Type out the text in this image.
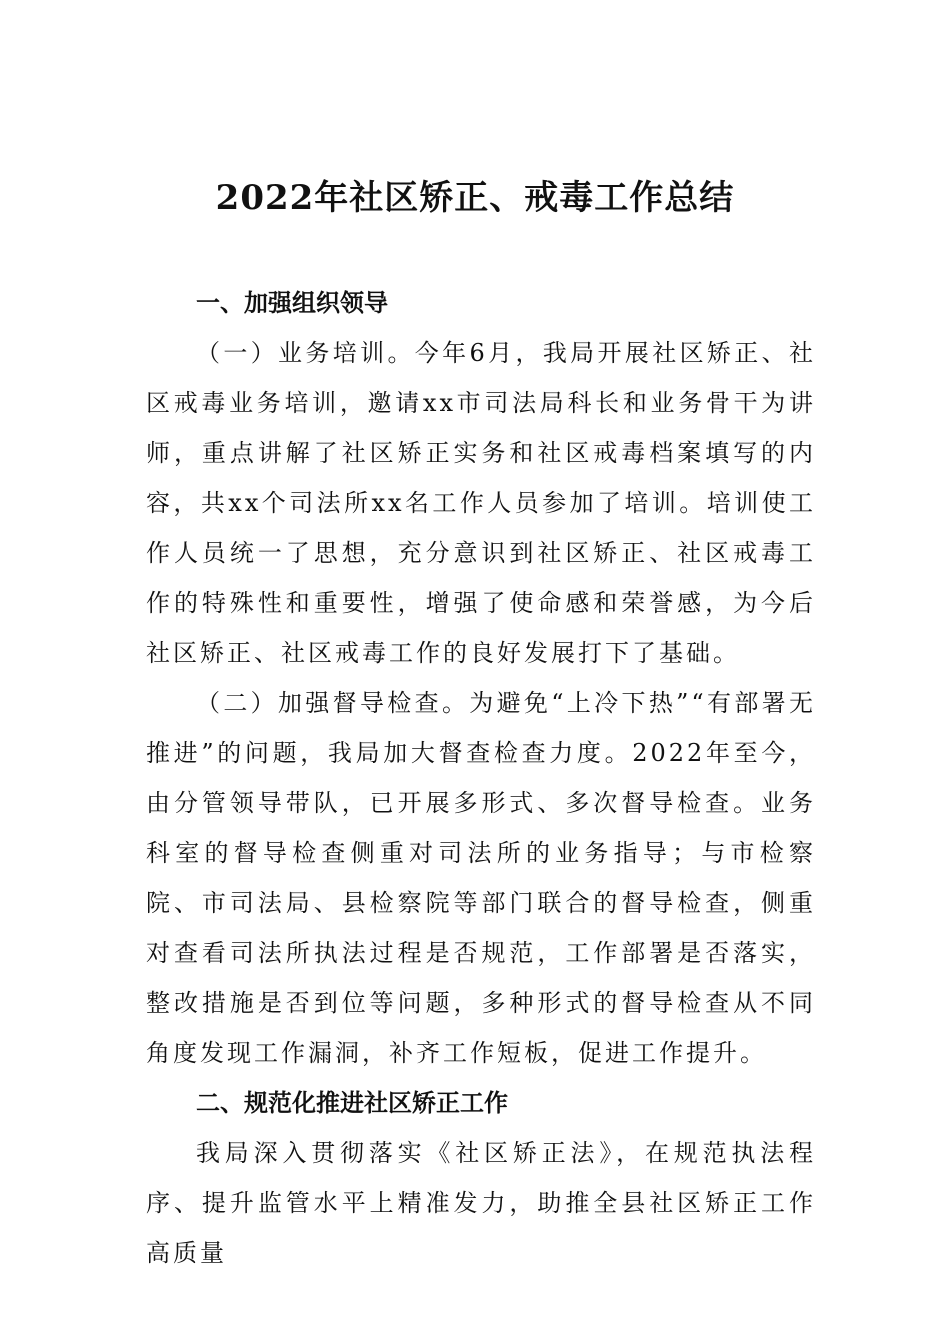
2022年社区矫正、戒毒工作总结
一、加强组织领导

（一）业务培训。今年6月，我局开展社区矫正、社区戒毒业务培训，邀请xx市司法局科长和业务骨干为讲师，重点讲解了社区矫正实务和社区戒毒档案填写的内容，共xx个司法所xx名工作人员参加了培训。培训使工作人员统一了思想，充分意识到社区矫正、社区戒毒工作的特殊性和重要性，增强了使命感和荣誉感，为今后社区矫正、社区戒毒工作的良好发展打下了基础。

（二）加强督导检查。为避免“上冷下热”“有部署无推进”的问题，我局加大督查检查力度。2022年至今，由分管领导带队，已开展多形式、多次督导检查。业务科室的督导检查侧重对司法所的业务指导；与市检察院、市司法局、县检察院等部门联合的督导检查，侧重对查看司法所执法过程是否规范，工作部署是否落实，整改措施是否到位等问题，多种形式的督导检查从不同角度发现工作漏洞，补齐工作短板，促进工作提升。

二、规范化推进社区矫正工作

我局深入贯彻落实《社区矫正法》，在规范执法程序、提升监管水平上精准发力，助推全县社区矫正工作高质量
